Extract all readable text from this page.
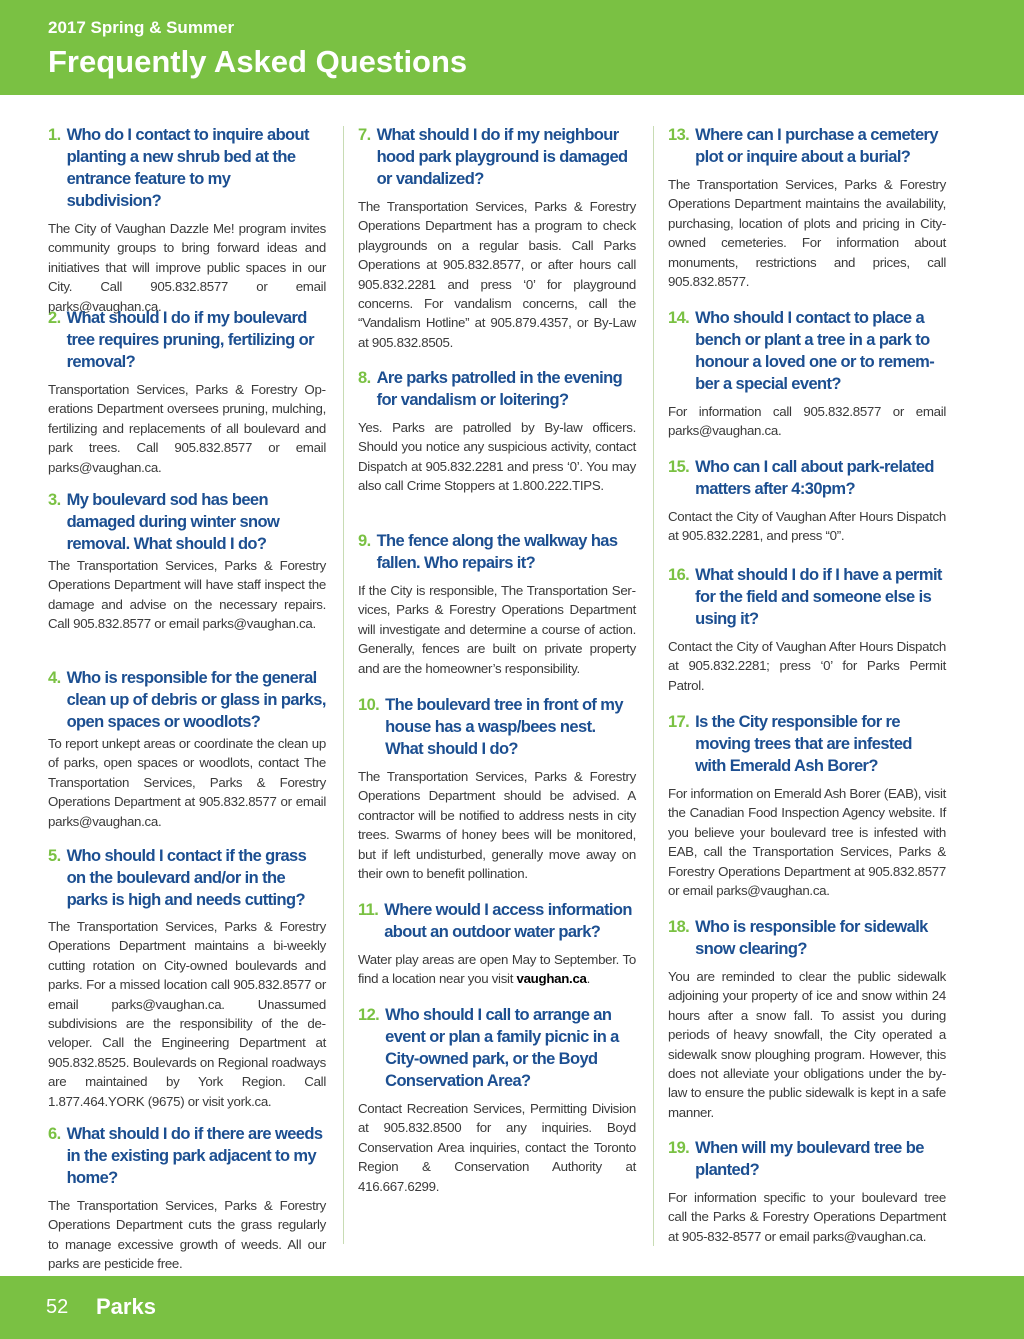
2017 Spring & Summer
Frequently Asked Questions
1. Who do I contact to inquire about planting a new shrub bed at the entrance feature to my subdivision?
The City of Vaughan Dazzle Me! program invites community groups to bring forward ideas and initiatives that will improve public spaces in our City. Call 905.832.8577 or email parks@vaughan.ca.
2. What should I do if my boulevard tree requires pruning, fertilizing or removal?
Transportation Services, Parks & Forestry Operations Department oversees pruning, mulching, fertilizing and replacements of all boulevard and park trees. Call 905.832.8577 or email parks@vaughan.ca.
3. My boulevard sod has been damaged during winter snow removal. What should I do?
The Transportation Services, Parks & Forestry Operations Department will have staff inspect the damage and advise on the necessary repairs. Call 905.832.8577 or email parks@vaughan.ca.
4. Who is responsible for the general clean up of debris or glass in parks, open spaces or woodlots?
To report unkept areas or coordinate the clean up of parks, open spaces or woodlots, contact The Transportation Services, Parks & Forestry Operations Department at 905.832.8577 or email parks@vaughan.ca.
5. Who should I contact if the grass on the boulevard and/or in the parks is high and needs cutting?
The Transportation Services, Parks & Forestry Operations Department maintains a bi-weekly cutting rotation on City-owned boulevards and parks. For a missed location call 905.832.8577 or email parks@vaughan.ca. Unassumed subdivisions are the responsibility of the developer. Call the Engineering Department at 905.832.8525. Boulevards on Regional roadways are maintained by York Region. Call 1.877.464.YORK (9675) or visit york.ca.
6. What should I do if there are weeds in the existing park adjacent to my home?
The Transportation Services, Parks & Forestry Operations Department cuts the grass regularly to manage excessive growth of weeds. All our parks are pesticide free.
7. What should I do if my neighbour hood park playground is damaged or vandalized?
The Transportation Services, Parks & Forestry Operations Department has a program to check playgrounds on a regular basis. Call Parks Operations at 905.832.8577, or after hours call 905.832.2281 and press ‘0’ for playground concerns. For vandalism concerns, call the “Vandalism Hotline” at 905.879.4357, or By-Law at 905.832.8505.
8. Are parks patrolled in the evening for vandalism or loitering?
Yes. Parks are patrolled by By-law officers. Should you notice any suspicious activity, contact Dispatch at 905.832.2281 and press ‘0’. You may also call Crime Stoppers at 1.800.222.TIPS.
9. The fence along the walkway has fallen. Who repairs it?
If the City is responsible, The Transportation Services, Parks & Forestry Operations Department will investigate and determine a course of action. Generally, fences are built on private property and are the homeowner’s responsibility.
10. The boulevard tree in front of my house has a wasp/bees nest. What should I do?
The Transportation Services, Parks & Forestry Operations Department should be advised. A contractor will be notified to address nests in city trees. Swarms of honey bees will be monitored, but if left undisturbed, generally move away on their own to benefit pollination.
11. Where would I access information about an outdoor water park?
Water play areas are open May to September. To find a location near you visit vaughan.ca.
12. Who should I call to arrange an event or plan a family picnic in a City-owned park, or the Boyd Conservation Area?
Contact Recreation Services, Permitting Division at 905.832.8500 for any inquiries. Boyd Conservation Area inquiries, contact the Toronto Region & Conservation Authority at 416.667.6299.
13. Where can I purchase a cemetery plot or inquire about a burial?
The Transportation Services, Parks & Forestry Operations Department maintains the availability, purchasing, location of plots and pricing in City-owned cemeteries. For information about monuments, restrictions and prices, call 905.832.8577.
14. Who should I contact to place a bench or plant a tree in a park to honour a loved one or to remember a special event?
For information call 905.832.8577 or email parks@vaughan.ca.
15. Who can I call about park-related matters after 4:30pm?
Contact the City of Vaughan After Hours Dispatch at 905.832.2281, and press “0”.
16. What should I do if I have a permit for the field and someone else is using it?
Contact the City of Vaughan After Hours Dispatch at 905.832.2281; press ‘0’ for Parks Permit Patrol.
17. Is the City responsible for re moving trees that are infested with Emerald Ash Borer?
For information on Emerald Ash Borer (EAB), visit the Canadian Food Inspection Agency website. If you believe your boulevard tree is infested with EAB, call the Transportation Services, Parks & Forestry Operations Department at 905.832.8577 or email parks@vaughan.ca.
18. Who is responsible for sidewalk snow clearing?
You are reminded to clear the public sidewalk adjoining your property of ice and snow within 24 hours after a snow fall. To assist you during periods of heavy snowfall, the City operated a sidewalk snow ploughing program. However, this does not alleviate your obligations under the by-law to ensure the public sidewalk is kept in a safe manner.
19. When will my boulevard tree be planted?
For information specific to your boulevard tree call the Parks & Forestry Operations Department at 905-832-8577 or email parks@vaughan.ca.
52 Parks
